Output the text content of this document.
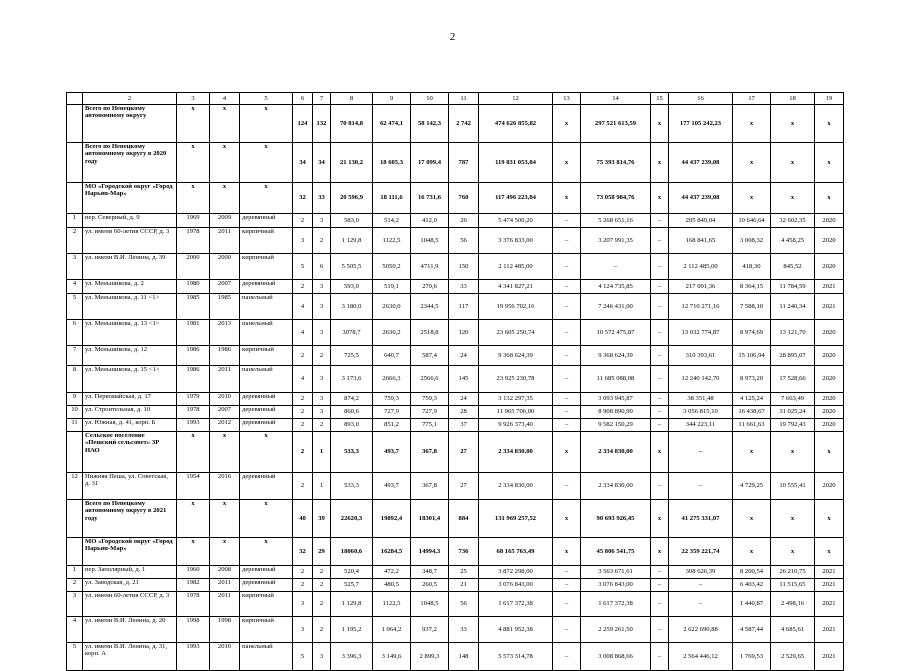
2
	2	3	4	5	6	7	8	9	10	11	12	13	14	15	16	17	18	19
	Всего по Ненецкому автономному округу	х	х	х	124	132	70 814,8	62 474,1	58 142,3	2 742	474 626 855,82	х	297 521 613,59	х	177 105 242,23	х	х	х
	Всего по Ненецкому автономному округу в 2020 году	х	х	х	34	34	21 130,2	18 605,3	17 099,4	787	119 831 053,84	х	75 393 814,76	х	44 437 239,08	х	х	х
	МО «Городской округ «Город Нарьян-Мар»	х	х	х	32	33	20 596,9	18 111,6	16 731,6	760	117 496 223,84	х	73 058 984,76	х	44 437 239,08	х	х	х
1	пер. Северный, д. 9	1969	2009	деревянный	2	3	583,0	514,2	412,0	26	5 474 500,20	–	5 268 651,16	–	205 849,04	10 646,64	32 602,35	2020
2	ул. имени 60-летия СССР, д. 3	1978	2011	кирпичный	3	2	1 129,8	1122,5	1048,5	56	3 376 833,00	–	3 207 991,35	–	168 841,65	3 008,32	4 458,25	2020
3	ул. имени В.И. Ленина, д. 39	2000	2000	кирпичный	5	6	5 505,5	5050,2	4711,9	150	2 112 485,00	–	–	–	2 112 485,00	418,30	845,52	2020
4	ул. Меньшикова, д. 2	1980	2007	деревянный	2	3	593,0	519,1	279,6	33	4 341 827,21	–	4 124 735,85	–	217 091,36	8 364,15	11 784,59	2021
5	ул. Меньшикова, д. 11 <1>	1985	1985	панельный	4	3	3 180,0	2630,0	2344,5	117	19 956 702,16	–	7 246 431,00	–	12 710 271,16	7 588,10	11 240,34	2021
6	ул. Меньшикова, д. 13 <1>	1981	2013	панельный	4	3	3078,7	2630,2	2518,8	120	23 605 250,74	–	10 572 475,87	–	13 032 774,87	8 974,69	13 121,70	2020
7	ул. Меньшикова, д. 12	1986	1986	кирпичный	2	2	725,5	640,7	587,4	24	9 368 624,39	–	9 368 624,39	–	310 393,61	15 106,94	28 895,07	2020
8	ул. Меньшикова, д. 15 <1>	1986	2011	панельный	4	3	3 173,6	2666,3	2566,6	145	23 925 230,78	–	11 685 088,08	–	12 240 142,70	8 973,20	17 528,66	2020
9	ул. Первомайская, д. 17	1979	2010	деревянный	2	3	874,2	759,3	759,3	24	3 132 297,35	–	3 093 945,87	–	38 351,48	4 125,24	7 663,49	2020
10	ул. Строительная, д. 10	1978	2007	деревянный	2	3	860,6	727,9	727,9	28	11 965 706,00	–	8 908 890,90	–	3 056 815,10	16 438,67	31 025,24	2020
11	ул. Южная, д. 41, корп. Б	1993	2012	деревянный	2	2	893,0	851,2	775,1	37	9 926 373,40	–	9 582 150,29	–	344 223,11	11 661,63	19 792,43	2020
	Сельское поселение «Пешский сельсовет» ЗР НАО	х	х	х	2	1	533,3	493,7	367,8	27	2 334 830,00	х	2 334 830,00	х	–	х	х	х
12	Нижняя Пеша, ул. Советская, д. 31	1954	2016	деревянный	2	1	533,3	493,7	367,8	27	2 334 830,00	–	2 334 830,00	–	–	4 729,25	10 555,41	2020
	Всего по Ненецкому автономному округу в 2021 году	х	х	х	40	39	22620,3	19892,4	18301,4	884	131 969 257,52	х	90 693 926,45	х	41 275 331,07	х	х	х
	МО «Городской округ «Город Нарьян-Мар»	х	х	х	32	29	18060,6	16284,5	14994,3	736	68 165 763,49	х	45 806 541,75	х	22 359 221,74	х	х	х
1	пер. Заполярный, д. 1	1960	2008	деревянный	2	2	520,4	472,2	348,7	25	3 872 298,00	–	3 563 671,61	–	308 626,39	8 200,54	26 210,75	2021
2	ул. Заводская, д. 21	1982	2011	деревянный	2	2	525,7	480,5	260,5	21	3 076 843,00	–	3 076 843,00	–	–	6 403,42	11 515,65	2021
3	ул. имени 60-летия СССР, д. 3	1978	2011	кирпичный	3	2	1 129,8	1122,5	1048,5	56	1 617 372,38	–	1 617 372,38	–	–	1 440,87	2 498,16	2021
4	ул. имени В.И. Ленина, д. 20	1998	1998	кирпичный	3	2	1 195,2	1 064,2	937,2	33	4 881 952,38	–	2 259 261,50	–	2 622 690,88	4 587,44	4 685,61	2021
5	ул. имени В.И. Ленина, д. 31, корп. А	1993	2010	панельный	5	3	3 396,3	3 149,6	2 899,3	148	5 573 314,78	–	3 008 868,66	–	2 564 446,12	1 769,53	2 529,65	2021
